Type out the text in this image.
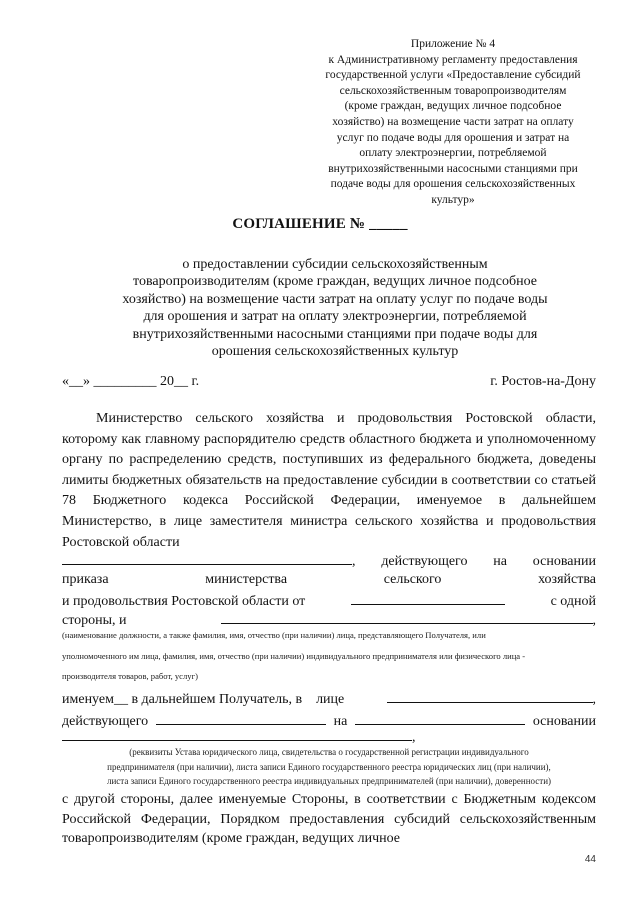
Приложение № 4
к Административному регламенту предоставления
государственной услуги «Предоставление субсидий
сельскохозяйственным товаропроизводителям
(кроме граждан, ведущих личное подсобное
хозяйство) на возмещение части затрат на оплату
услуг по подаче воды для орошения и затрат на
оплату электроэнергии, потребляемой
внутрихозяйственными насосными станциями при
подаче воды для орошения сельскохозяйственных
культур»
СОГЛАШЕНИЕ № _____
о предоставлении субсидии сельскохозяйственным
товаропроизводителям (кроме граждан, ведущих личное подсобное
хозяйство) на возмещение части затрат на оплату услуг по подаче воды
для орошения и затрат на оплату электроэнергии, потребляемой
внутрихозяйственными насосными станциями при подаче воды для
орошения сельскохозяйственных культур
«__» _________ 20__ г.	г. Ростов-на-Дону
Министерство сельского хозяйства и продовольствия Ростовской области, которому как главному распорядителю средств областного бюджета и уполномоченному органу по распределению средств, поступивших из федерального бюджета, доведены лимиты бюджетных обязательств на предоставление субсидии в соответствии со статьей 78 Бюджетного кодекса Российской Федерации, именуемое в дальнейшем Министерство, в лице заместителя министра сельского хозяйства и продовольствия Ростовской области
, действующего на основании
приказа	министерства	сельского	хозяйства
и продовольствия Ростовской области от	с одной
стороны, и	,
(наименование должности, а также фамилия, имя, отчество (при наличии) лица, представляющего Получателя, или
уполномоченного им лица, фамилия, имя, отчество (при наличии) индивидуального предпринимателя или физического лица -
производителя товаров, работ, услуг)
именуем__ в дальнейшем Получатель, в лице	,
действующего	на	основании
,
(реквизиты Устава юридического лица, свидетельства о государственной регистрации индивидуального
предпринимателя (при наличии), листа записи Единого государственного реестра юридических лиц (при наличии),
листа записи Единого государственного реестра индивидуальных предпринимателей (при наличии), доверенности)
с другой стороны, далее именуемые Стороны, в соответствии с Бюджетным кодексом Российской Федерации, Порядком предоставления субсидий сельскохозяйственным товаропроизводителям (кроме граждан, ведущих личное
44
